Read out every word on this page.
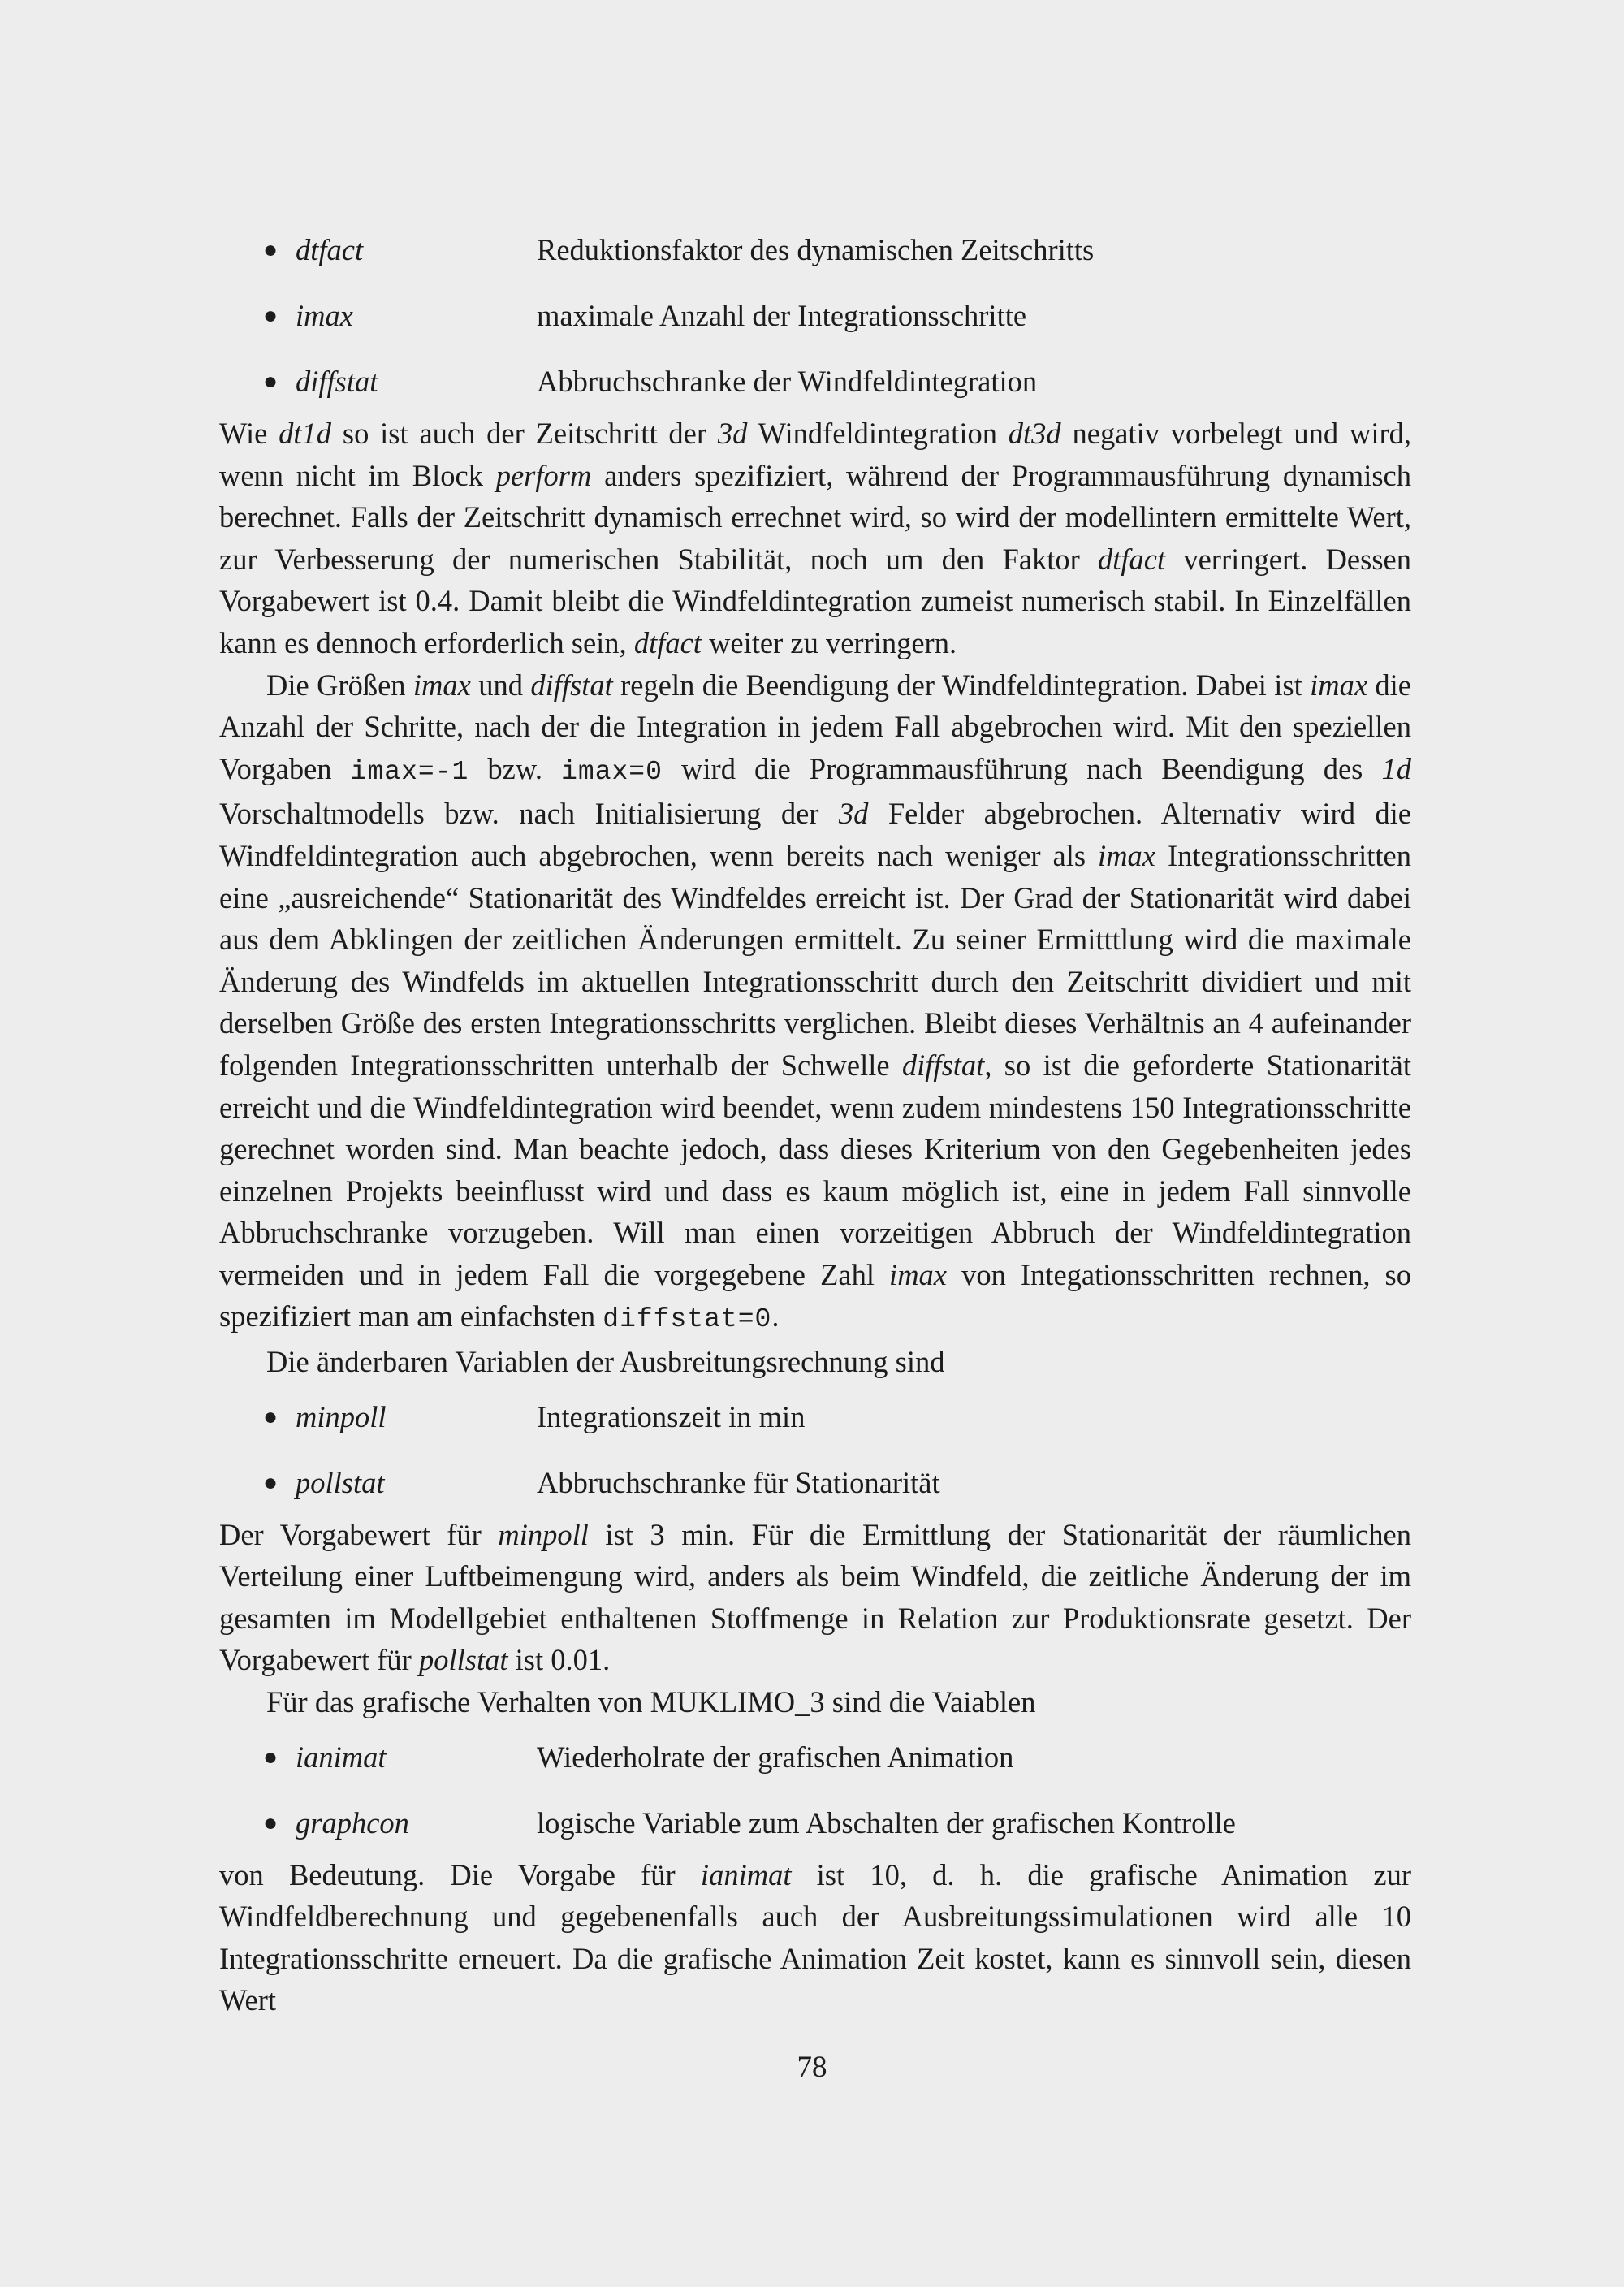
● dtfact	Reduktionsfaktor des dynamischen Zeitschritts
● imax	maximale Anzahl der Integrationsschritte
● diffstat	Abbruchschranke der Windfeldintegration

Wie dt1d so ist auch der Zeitschritt der 3d Windfeldintegration dt3d negativ vorbelegt und wird, wenn nicht im Block perform anders spezifiziert, während der Programmausführung dynamisch berechnet. Falls der Zeitschritt dynamisch errechnet wird, so wird der modellintern ermittelte Wert, zur Verbesserung der numerischen Stabilität, noch um den Faktor dtfact verringert. Dessen Vorgabewert ist 0.4. Damit bleibt die Windfeldintegration zumeist numerisch stabil. In Einzelfällen kann es dennoch erforderlich sein, dtfact weiter zu verringern.

Die Größen imax und diffstat regeln die Beendigung der Windfeldintegration. Dabei ist imax die Anzahl der Schritte, nach der die Integration in jedem Fall abgebrochen wird. Mit den speziellen Vorgaben imax=-1 bzw. imax=0 wird die Programmausführung nach Beendigung des 1d Vorschaltmodells bzw. nach Initialisierung der 3d Felder abgebrochen. Alternativ wird die Windfeldintegration auch abgebrochen, wenn bereits nach weniger als imax Integrationsschritten eine „ausreichende“ Stationarität des Windfeldes erreicht ist. Der Grad der Stationarität wird dabei aus dem Abklingen der zeitlichen Änderungen ermittelt. Zu seiner Ermitttlung wird die maximale Änderung des Windfelds im aktuellen Integrationsschritt durch den Zeitschritt dividiert und mit derselben Größe des ersten Integrationsschritts verglichen. Bleibt dieses Verhältnis an 4 aufeinander folgenden Integrationsschritten unterhalb der Schwelle diffstat, so ist die geforderte Stationarität erreicht und die Windfeldintegration wird beendet, wenn zudem mindestens 150 Integrationsschritte gerechnet worden sind. Man beachte jedoch, dass dieses Kriterium von den Gegebenheiten jedes einzelnen Projekts beeinflusst wird und dass es kaum möglich ist, eine in jedem Fall sinnvolle Abbruchschranke vorzugeben. Will man einen vorzeitigen Abbruch der Windfeldintegration vermeiden und in jedem Fall die vorgegebene Zahl imax von Integationsschritten rechnen, so spezifiziert man am einfachsten diffstat=0.

Die änderbaren Variablen der Ausbreitungsrechnung sind

● minpoll	Integrationszeit in min
● pollstat	Abbruchschranke für Stationarität

Der Vorgabewert für minpoll ist 3 min. Für die Ermittlung der Stationarität der räumlichen Verteilung einer Luftbeimengung wird, anders als beim Windfeld, die zeitliche Änderung der im gesamten im Modellgebiet enthaltenen Stoffmenge in Relation zur Produktionsrate gesetzt. Der Vorgabewert für pollstat ist 0.01.

Für das grafische Verhalten von MUKLIMO_3 sind die Vaiablen

● ianimat	Wiederholrate der grafischen Animation
● graphcon	logische Variable zum Abschalten der grafischen Kontrolle

von Bedeutung. Die Vorgabe für ianimat ist 10, d. h. die grafische Animation zur Windfeldberechnung und gegebenenfalls auch der Ausbreitungssimulationen wird alle 10 Integrationsschritte erneuert. Da die grafische Animation Zeit kostet, kann es sinnvoll sein, diesen Wert

78
